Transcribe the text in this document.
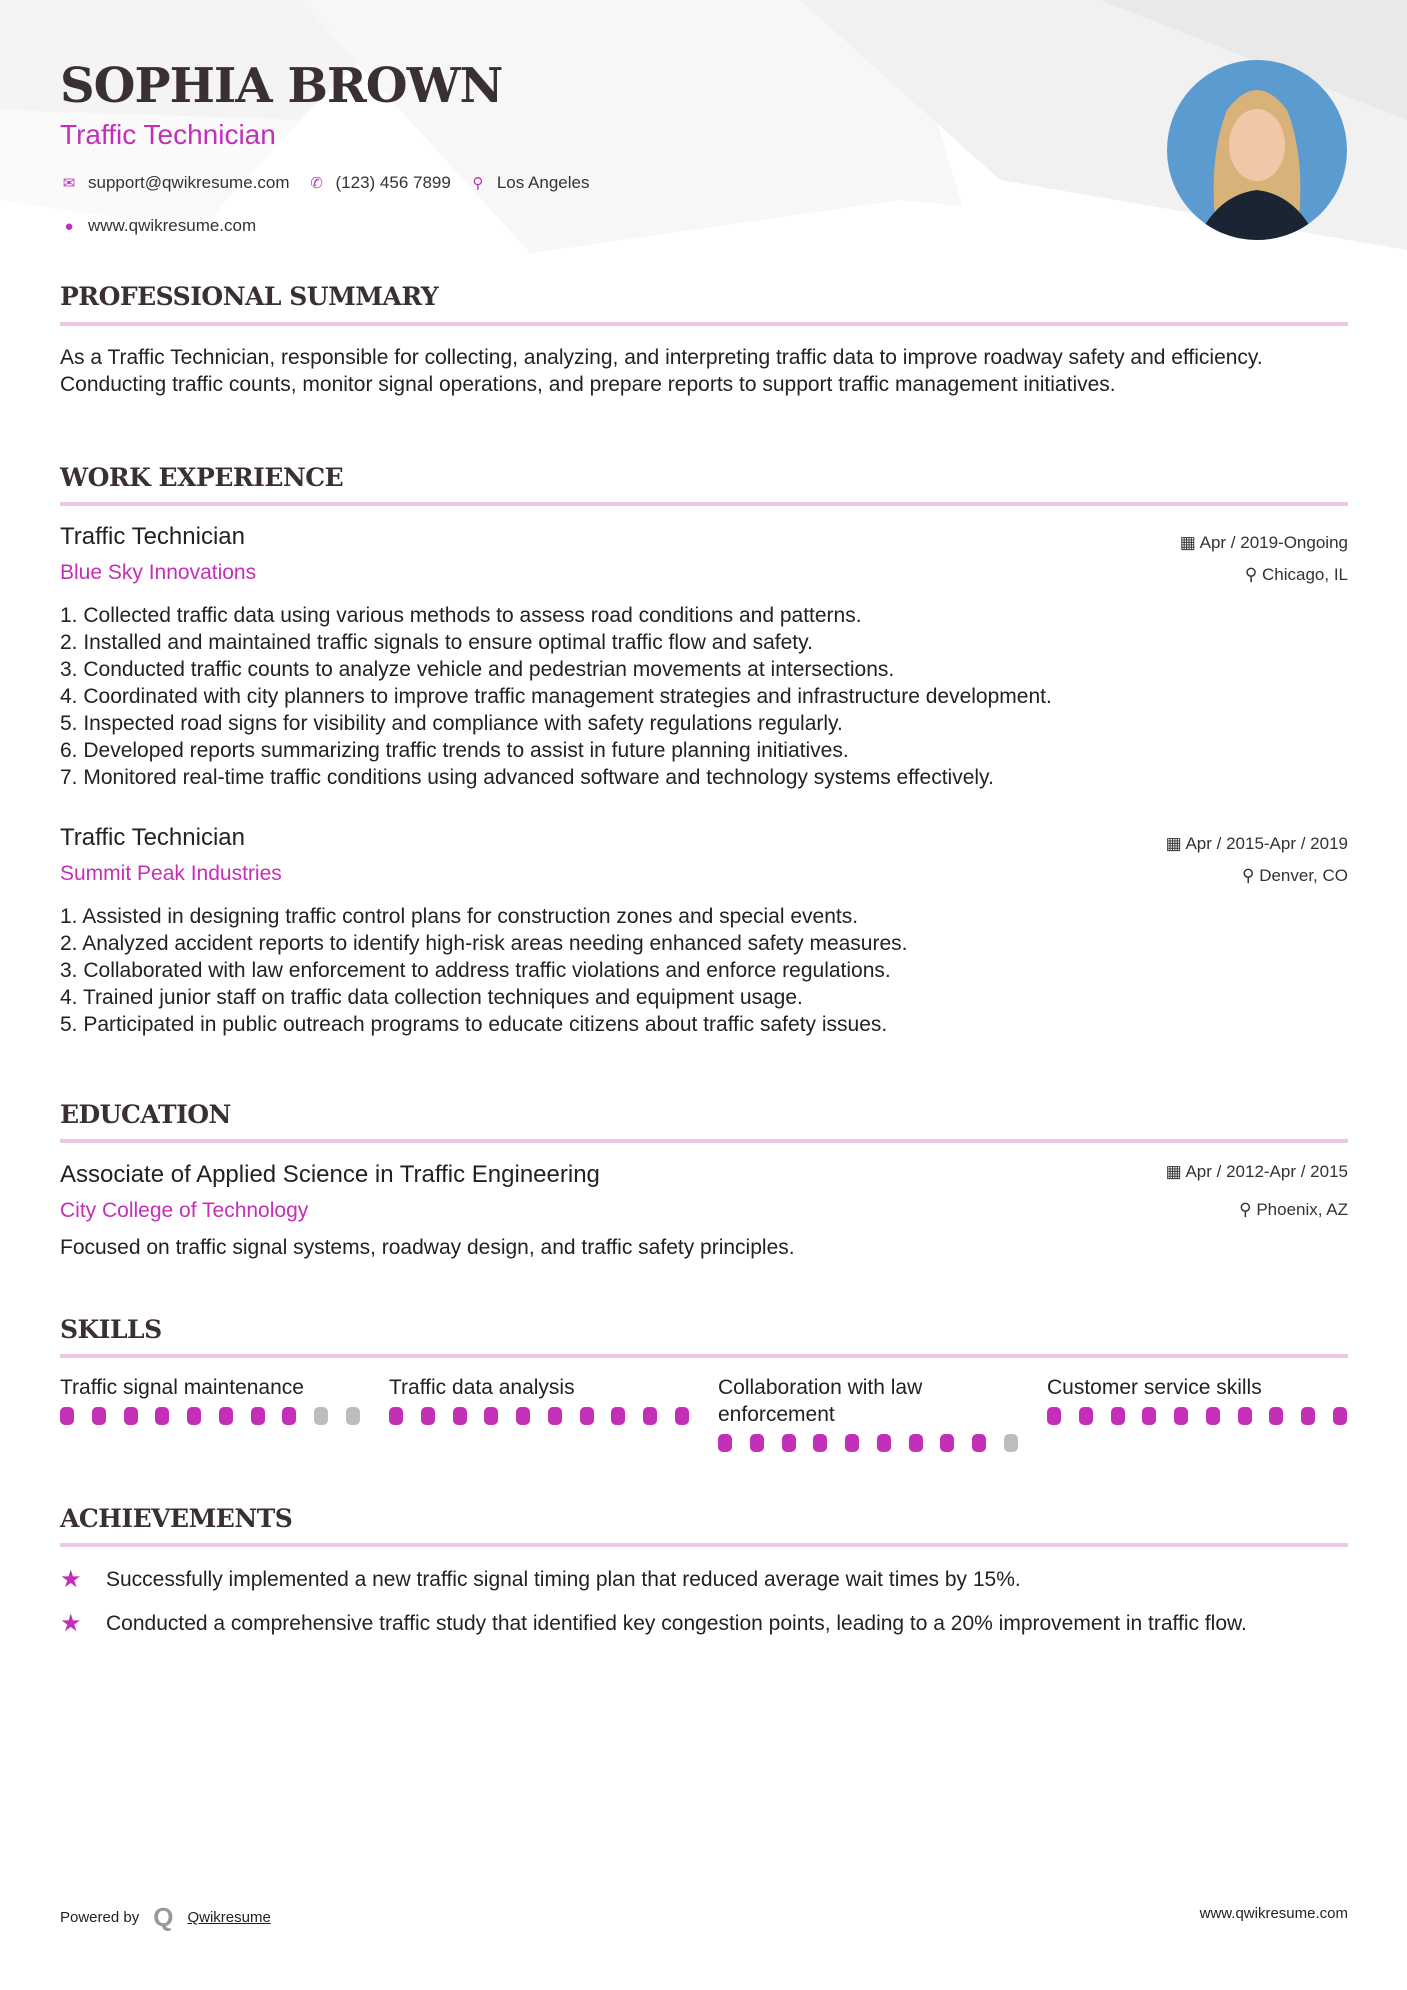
SOPHIA BROWN
Traffic Technician
✉ support@qwikresume.com ✆ (123) 456 7899 ⚲ Los Angeles
● www.qwikresume.com
PROFESSIONAL SUMMARY
As a Traffic Technician, responsible for collecting, analyzing, and interpreting traffic data to improve roadway safety and efficiency. Conducting traffic counts, monitor signal operations, and prepare reports to support traffic management initiatives.
WORK EXPERIENCE
Traffic Technician
Blue Sky Innovations
▦ Apr / 2019-Ongoing
⚲ Chicago, IL
1. Collected traffic data using various methods to assess road conditions and patterns.
2. Installed and maintained traffic signals to ensure optimal traffic flow and safety.
3. Conducted traffic counts to analyze vehicle and pedestrian movements at intersections.
4. Coordinated with city planners to improve traffic management strategies and infrastructure development.
5. Inspected road signs for visibility and compliance with safety regulations regularly.
6. Developed reports summarizing traffic trends to assist in future planning initiatives.
7. Monitored real-time traffic conditions using advanced software and technology systems effectively.
Traffic Technician
Summit Peak Industries
▦ Apr / 2015-Apr / 2019
⚲ Denver, CO
1. Assisted in designing traffic control plans for construction zones and special events.
2. Analyzed accident reports to identify high-risk areas needing enhanced safety measures.
3. Collaborated with law enforcement to address traffic violations and enforce regulations.
4. Trained junior staff on traffic data collection techniques and equipment usage.
5. Participated in public outreach programs to educate citizens about traffic safety issues.
EDUCATION
Associate of Applied Science in Traffic Engineering
City College of Technology
▦ Apr / 2012-Apr / 2015
⚲ Phoenix, AZ
Focused on traffic signal systems, roadway design, and traffic safety principles.
SKILLS
Traffic signal maintenance	Traffic data analysis	Collaboration with law enforcement
Customer service skills
ACHIEVEMENTS
★	Successfully implemented a new traffic signal timing plan that reduced average wait times by 15%.
★	Conducted a comprehensive traffic study that identified key congestion points, leading to a 20% improvement in traffic flow.
Powered by Q Qwikresume	www.qwikresume.com
